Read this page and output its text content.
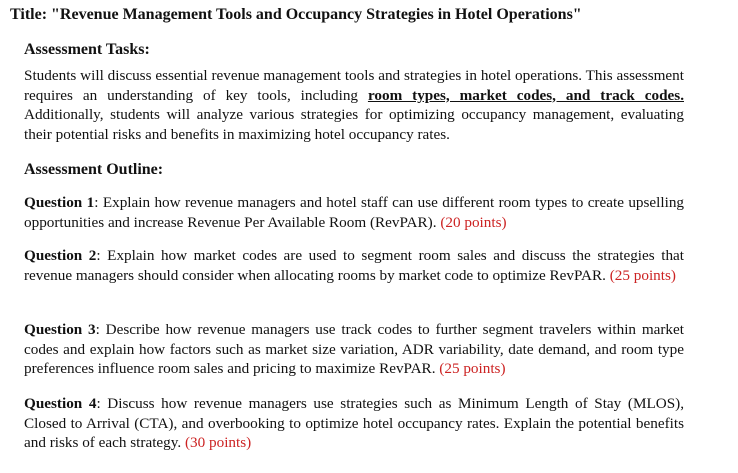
Title: "Revenue Management Tools and Occupancy Strategies in Hotel Operations"
Assessment Tasks:
Students will discuss essential revenue management tools and strategies in hotel operations. This assessment requires an understanding of key tools, including room types, market codes, and track codes. Additionally, students will analyze various strategies for optimizing occupancy management, evaluating their potential risks and benefits in maximizing hotel occupancy rates.
Assessment Outline:
Question 1: Explain how revenue managers and hotel staff can use different room types to create upselling opportunities and increase Revenue Per Available Room (RevPAR). (20 points)
Question 2: Explain how market codes are used to segment room sales and discuss the strategies that revenue managers should consider when allocating rooms by market code to optimize RevPAR. (25 points)
Question 3: Describe how revenue managers use track codes to further segment travelers within market codes and explain how factors such as market size variation, ADR variability, date demand, and room type preferences influence room sales and pricing to maximize RevPAR. (25 points)
Question 4: Discuss how revenue managers use strategies such as Minimum Length of Stay (MLOS), Closed to Arrival (CTA), and overbooking to optimize hotel occupancy rates. Explain the potential benefits and risks of each strategy. (30 points)
